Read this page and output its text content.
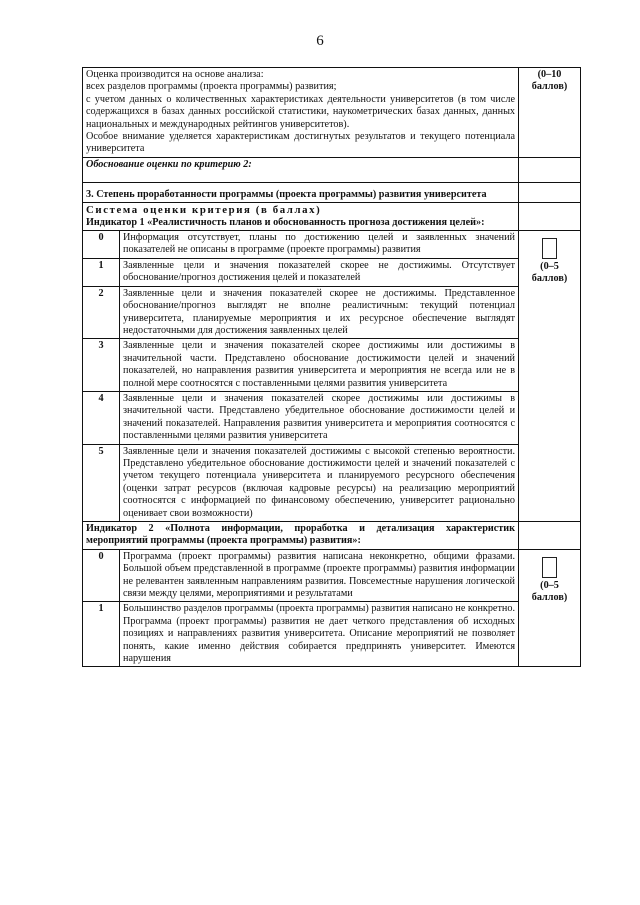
6

Оценка производится на основе анализа:

всех разделов программы (проекта программы) развития;

с учетом данных о количественных характеристиках деятельности университетов (в том числе содержащихся в базах данных российской статистики, наукометрических базах данных, данных национальных и международных рейтингов университетов).

Особое внимание уделяется характеристикам достигнутых результатов и текущего потенциала университета		(0–10 баллов)
Обоснование оценки по критерию 2:		
3. Степень проработанности программы (проекта программы) развития университета		

Система оценки критерия (в баллах)

Индикатор 1 «Реалистичность планов и обоснованность прогноза достижения целей»:		

0	Информация отсутствует, планы по достижению целей и заявленных значений показателей не описаны в программе (проекте программы) развития	(0–5 баллов)
1	Заявленные цели и значения показателей скорее не достижимы. Отсутствует обоснование/прогноз достижения целей и показателей	
2	Заявленные цели и значения показателей скорее не достижимы. Представленное обоснование/прогноз выглядят не вполне реалистичным: текущий потенциал университета, планируемые мероприятия и их ресурсное обеспечение выглядят недостаточными для достижения заявленных целей	
3	Заявленные цели и значения показателей скорее достижимы или достижимы в значительной части. Представлено обоснование достижимости целей и значений показателей, но направления развития университета и мероприятия не всегда или не в полной мере соотносятся с поставленными целями развития университета	
4	Заявленные цели и значения показателей скорее достижимы или достижимы в значительной части. Представлено убедительное обоснование достижимости целей и значений показателей. Направления развития университета и мероприятия соотносятся с поставленными целями развития университета	
5	Заявленные цели и значения показателей достижимы с высокой степенью вероятности. Представлено убедительное обоснование достижимости целей и значений показателей с учетом текущего потенциала университета и планируемого ресурсного обеспечения (оценки затрат ресурсов (включая кадровые ресурсы) на реализацию мероприятий соотносятся с информацией по финансовому обеспечению, университет рационально оценивает свои возможности)	
Индикатор 2 «Полнота информации, проработка и детализация характеристик мероприятий программы (проекта программы) развития»:		
0	Программа (проект программы) развития написана неконкретно, общими фразами. Большой объем представленной в программе (проекте программы) развития информации не релевантен заявленным направлениям развития. Повсеместные нарушения логической связи между целями, мероприятиями и результатами	(0–5 баллов)
1	Большинство разделов программы (проекта программы) развития написано не конкретно. Программа (проект программы) развития не дает четкого представления об исходных позициях и направлениях развития университета. Описание мероприятий не позволяет понять, какие именно действия собирается предпринять университет. Имеются нарушения	
